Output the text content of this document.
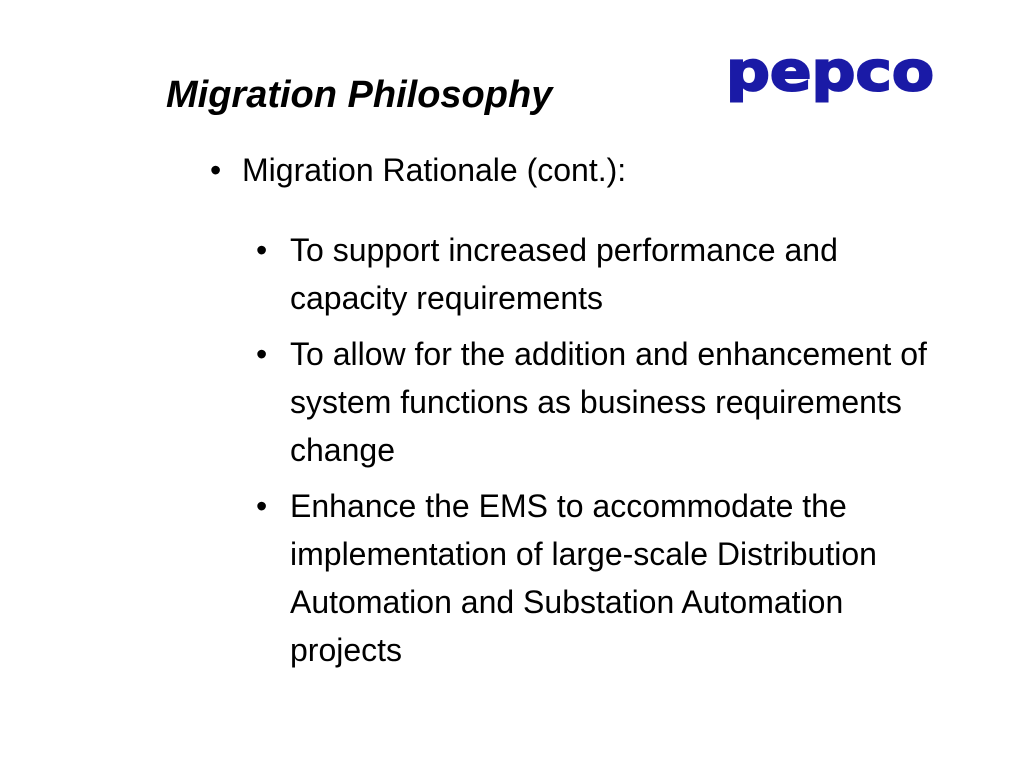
Migration Philosophy	pepco
• Migration Rationale (cont.):
• To support increased performance and capacity requirements
• To allow for the addition and enhancement of system functions as business requirements change
• Enhance the EMS to accommodate the implementation of large-scale Distribution Automation and Substation Automation projects
